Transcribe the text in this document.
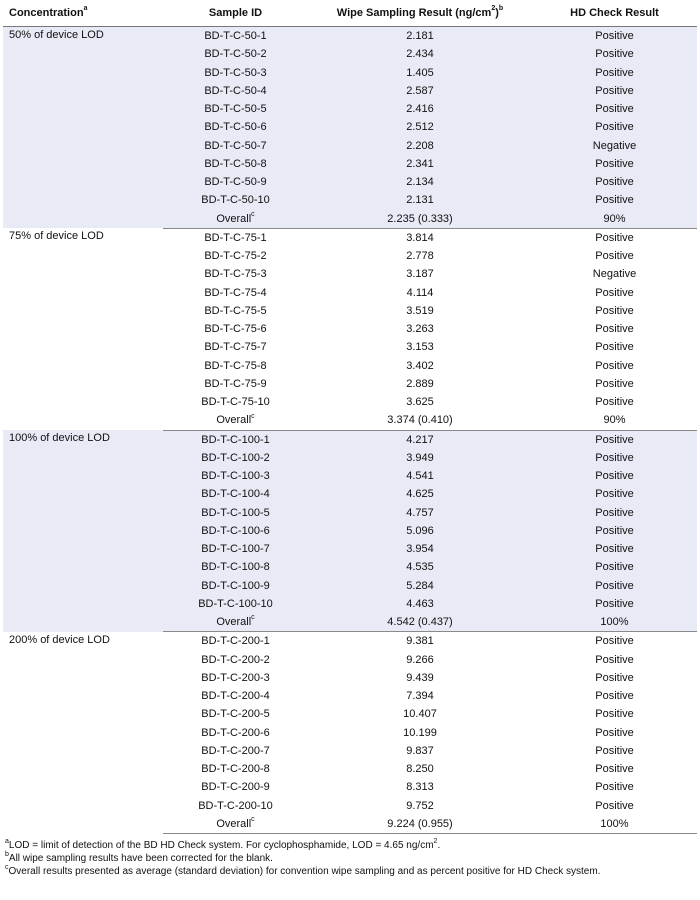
Concentration$^a$	Sample ID	Wipe Sampling Result $(ng/cm^2)^b$	HD Check Result
50% of device LOD	BD-T-C-50-1	2.181	Positive
	BD-T-C-50-2	2.434	Positive
	BD-T-C-50-3	1.405	Positive
	BD-T-C-50-4	2.587	Positive
	BD-T-C-50-5	2.416	Positive
	BD-T-C-50-6	2.512	Positive
	BD-T-C-50-7	2.208	Negative
	BD-T-C-50-8	2.341	Positive
	BD-T-C-50-9	2.134	Positive
	BD-T-C-50-10	2.131	Positive
	Overall$^c$	2.235 (0.333)	90%
75% of device LOD	BD-T-C-75-1	3.814	Positive
	BD-T-C-75-2	2.778	Positive
	BD-T-C-75-3	3.187	Negative
	BD-T-C-75-4	4.114	Positive
	BD-T-C-75-5	3.519	Positive
	BD-T-C-75-6	3.263	Positive
	BD-T-C-75-7	3.153	Positive
	BD-T-C-75-8	3.402	Positive
	BD-T-C-75-9	2.889	Positive
	BD-T-C-75-10	3.625	Positive
	Overall$^c$	3.374 (0.410)	90%
100% of device LOD	BD-T-C-100-1	4.217	Positive
	BD-T-C-100-2	3.949	Positive
	BD-T-C-100-3	4.541	Positive
	BD-T-C-100-4	4.625	Positive
	BD-T-C-100-5	4.757	Positive
	BD-T-C-100-6	5.096	Positive
	BD-T-C-100-7	3.954	Positive
	BD-T-C-100-8	4.535	Positive
	BD-T-C-100-9	5.284	Positive
	BD-T-C-100-10	4.463	Positive
	Overall$^c$	4.542 (0.437)	100%
200% of device LOD	BD-T-C-200-1	9.381	Positive
	BD-T-C-200-2	9.266	Positive
	BD-T-C-200-3	9.439	Positive
	BD-T-C-200-4	7.394	Positive
	BD-T-C-200-5	10.407	Positive
	BD-T-C-200-6	10.199	Positive
	BD-T-C-200-7	9.837	Positive
	BD-T-C-200-8	8.250	Positive
	BD-T-C-200-9	8.313	Positive
	BD-T-C-200-10	9.752	Positive
	Overall$^c$	9.224 (0.955)	100%
$^a$LOD = limit of detection of the BD HD Check system. For cyclophosphamide, LOD = 4.65 $ng/cm^2$.
$^b$All wipe sampling results have been corrected for the blank.
$^c$Overall results presented as average (standard deviation) for convention wipe sampling and as percent positive for HD Check system.
